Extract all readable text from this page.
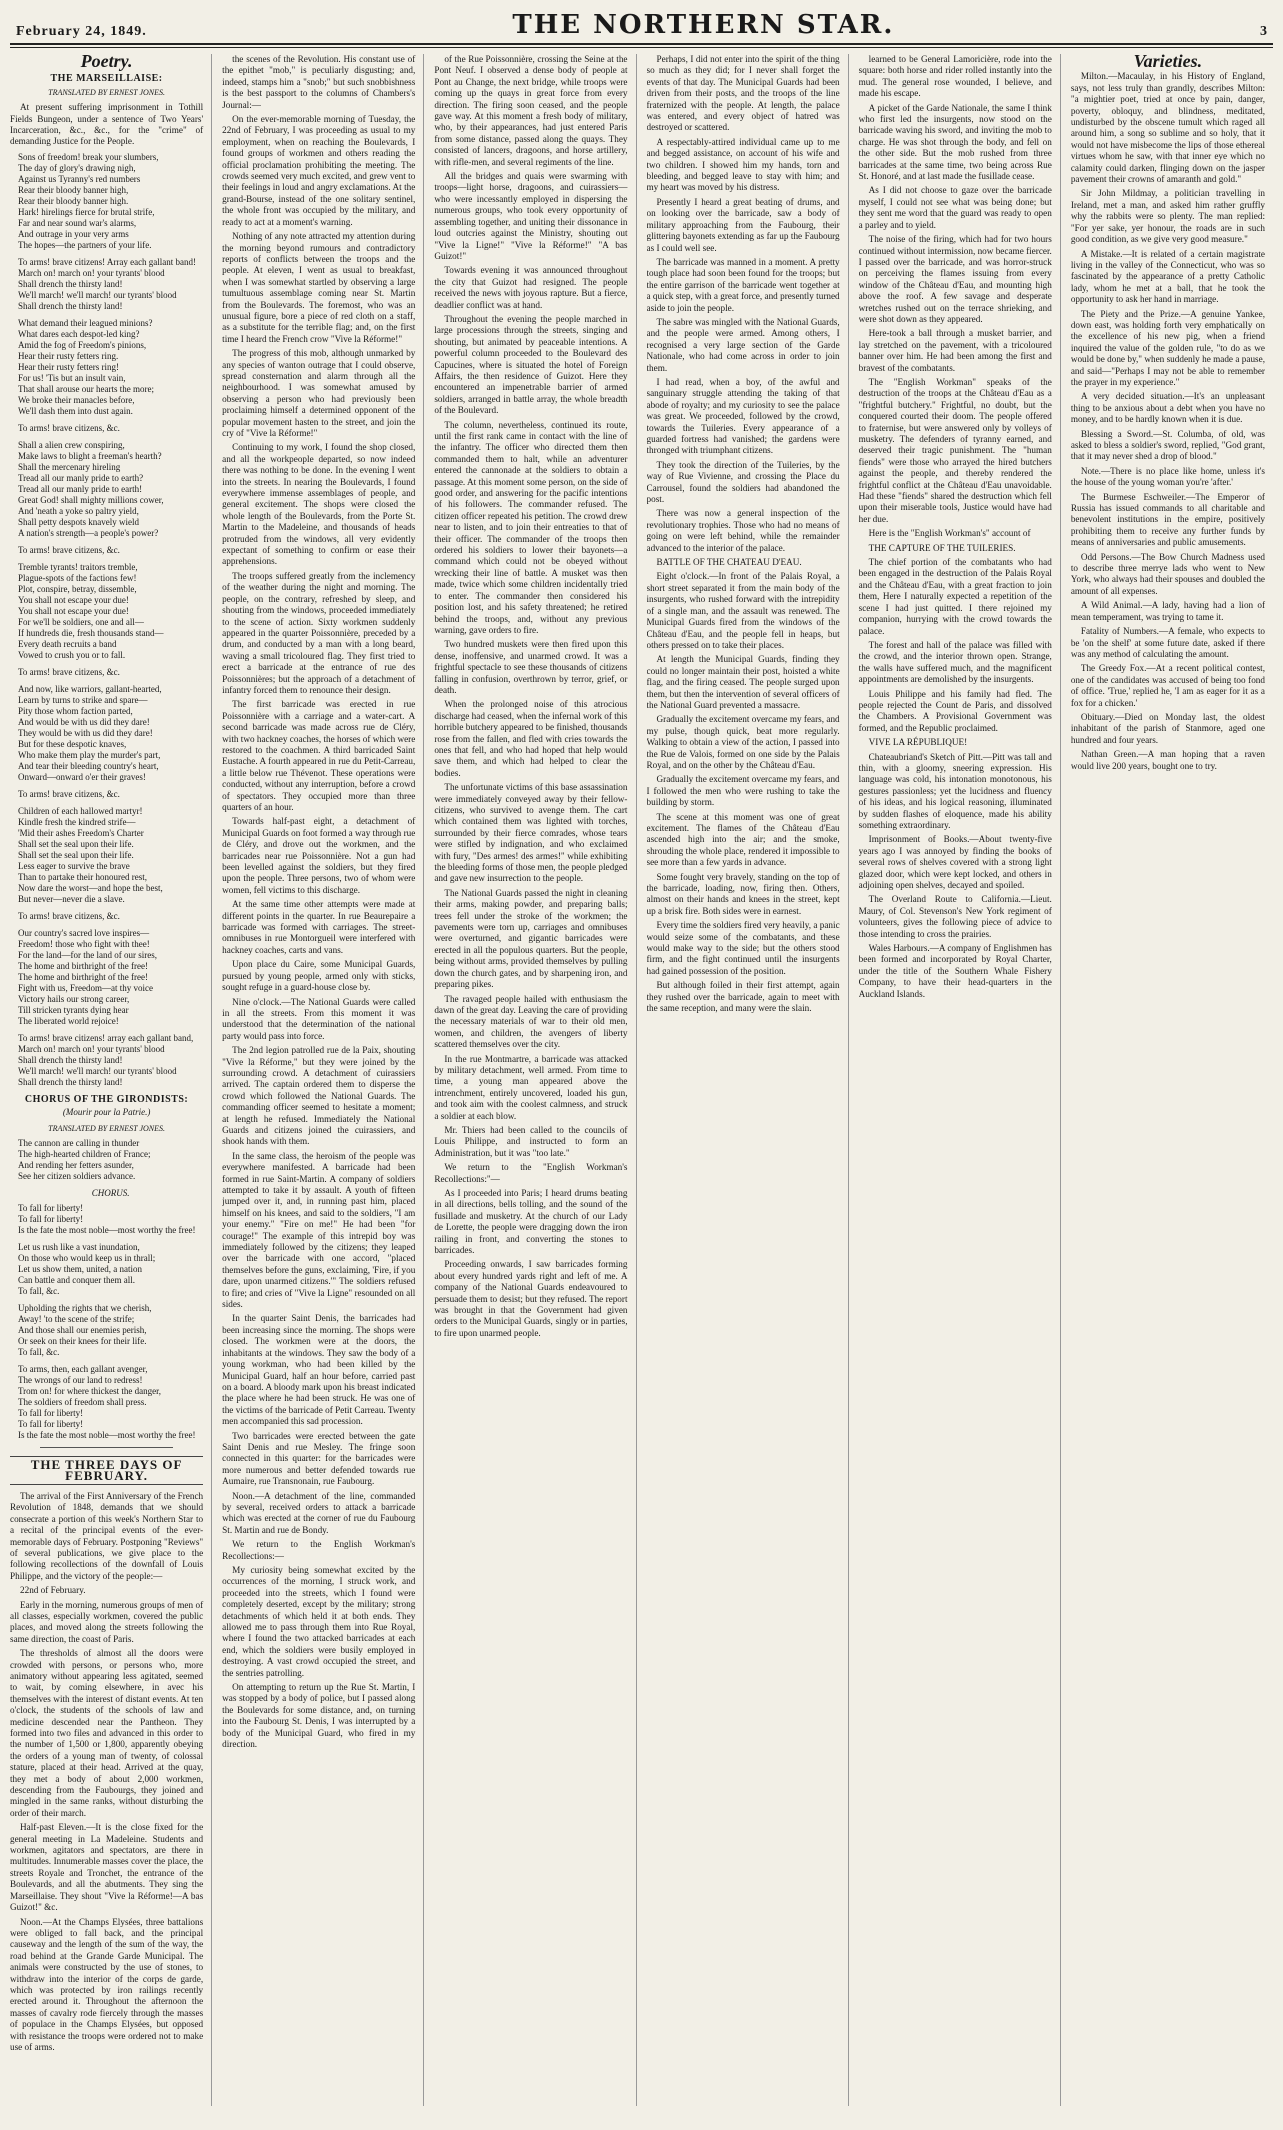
February 24, 1849.	THE NORTHERN STAR.	3
Poetry.
THE MARSEILLAISE:
TRANSLATED BY ERNEST JONES.

At present suffering imprisonment in Tothill Fields Bungeon, under a sentence of Two Years' Incarceration, &c., &c., for the "crime" of demanding Justice for the People.

Sons of freedom! break your slumbers,
The day of glory's drawing nigh,
Against us Tyranny's red numbers
Rear their bloody banner high,
Rear their bloody banner high.
Hark! hirelings fierce for brutal strife,
Far and near sound war's alarms,
And outrage in your very arms
The hopes—the partners of your life.
To arms! brave citizens! Array each gallant band!
March on! march on! your tyrants' blood
Shall drench the thirsty land!
We'll march! we'll march! our tyrants' blood
Shall drench the thirsty land!
What demand their leagued minions?
What dares each despot-led king?
Amid the fog of Freedom's pinions,
Hear their rusty fetters ring.
Hear their rusty fetters ring!
For us! 'Tis but an insult vain,
That shall arouse our hearts the more;
We broke their manacles before,
We'll dash them into dust again.
To arms! brave citizens, &c.
Shall a alien crew conspiring,
Make laws to blight a freeman's hearth?
Shall the mercenary hireling
Tread all our manly pride to earth?
Tread all our manly pride to earth!
Great God! shall mighty millions cower,
And 'neath a yoke so paltry yield,
Shall petty despots knavely wield
A nation's strength—a people's power?
To arms! brave citizens, &c.
Tremble tyrants! traitors tremble,
Plague-spots of the factions few!
Plot, conspire, betray, dissemble,
You shall not escape your due!
You shall not escape your due!
For we'll be soldiers, one and all—
If hundreds die, fresh thousands stand—
Every death recruits a band
Vowed to crush you or to fall.
To arms! brave citizens, &c.
And now, like warriors, gallant-hearted,
Learn by turns to strike and spare—
Pity those whom faction parted,
And would be with us did they dare!
They would be with us did they dare!
But for these despotic knaves,
Who make them play the murder's part,
And tear their bleeding country's heart,
Onward—onward o'er their graves!
To arms! brave citizens, &c.
Children of each hallowed martyr!
Kindle fresh the kindred strife—
'Mid their ashes Freedom's Charter
Shall set the seal upon their life.
Shall set the seal upon their life.
Less eager to survive the brave
Than to partake their honoured rest,
Now dare the worst—and hope the best,
But never—never die a slave.
To arms! brave citizens, &c.
Our country's sacred love inspires—
Freedom! those who fight with thee!
For the land—for the land of our sires,
The home and birthright of the free!
The home and birthright of the free!
Fight with us, Freedom—at thy voice
Victory hails our strong career,
Till stricken tyrants dying hear
The liberated world rejoice!
To arms! brave citizens! array each gallant band,
March on! march on! your tyrants' blood
Shall drench the thirsty land!
We'll march! we'll march! our tyrants' blood
Shall drench the thirsty land!
CHORUS OF THE GIRONDISTS:
(Mourir pour la Patrie.)
TRANSLATED BY ERNEST JONES.
The cannon are calling in thunder
The high-hearted children of France;
And rending her fetters asunder,
See her citizen soldiers advance.
CHORUS.
To fall for liberty!
To fall for liberty!
Is the fate the most noble—most worthy the free!
Let us rush like a vast inundation,
On those who would keep us in thrall;
Let us show them, united, a nation
Can battle and conquer them all.
To fall, &c.
Upholding the rights that we cherish,
Away! 'to the scene of the strife;
And those shall our enemies perish,
Or seek on their knees for their life.
To fall, &c.
To arms, then, each gallant avenger,
The wrongs of our land to redress!
Trom on! for where thickest the danger,
The soldiers of freedom shall press.
To fall for liberty!
To fall for liberty!
Is the fate the most noble—most worthy the free!
THE THREE DAYS OF FEBRUARY.

The arrival of the First Anniversary of the French Revolution of 1848, demands that we should consecrate a portion of this week's Northern Star to a recital of the principal events of the ever-memorable days of February. Postponing "Reviews" of several publications, we give place to the following recollections of the downfall of Louis Philippe, and the victory of the people:—

22nd of February.

Early in the morning, numerous groups of men of all classes, especially workmen, covered the public places, and moved along the streets following the same direction, the coast of Paris.

The thresholds of almost all the doors were crowded with persons, or persons who, more animatory without appearing less agitated, seemed to wait, by coming elsewhere, in avec his themselves with the interest of distant events. At ten o'clock, the students of the schools of law and medicine descended near the Pantheon. They formed into two files and advanced in this order to the number of 1,500 or 1,800, apparently obeying the orders of a young man of twenty, of colossal stature, placed at their head. Arrived at the quay, they met a body of about 2,000 workmen, descending from the Faubourgs, they joined and mingled in the same ranks, without disturbing the order of their march.

Half-past Eleven.—It is the close fixed for the general meeting in La Madeleine. Students and workmen, agitators and spectators, are there in multitudes. Innumerable masses cover the place, the streets Royale and Tronchet, the entrance of the Boulevards, and all the abutments. They sing the Marseillaise. They shout "Vive la Réforme!—A bas Guizot!" &c.

Noon.—At the Champs Elysées, three battalions were obliged to fall back, and the principal causeway and the length of the sum of the way, the road behind at the Grande Garde Municipal. The animals were constructed by the use of stones, to withdraw into the interior of the corps de garde, which was protected by iron railings recently erected around it. Throughout the afternoon the masses of cavalry rode fiercely through the masses of populace in the Champs Elysées, but opposed with resistance the troops were ordered not to make use of arms.

the scenes of the Revolution. His constant use of the epithet "mob," is peculiarly disgusting; and, indeed, stamps him a "snob;" but such snobbishness is the best passport to the columns of Chambers's Journal:—

On the ever-memorable morning of Tuesday, the 22nd of February, I was proceeding as usual to my employment, when on reaching the Boulevards, I found groups of workmen and others reading the official proclamation prohibiting the meeting. The crowds seemed very much excited, and grew vent to their feelings in loud and angry exclamations. At the grand-Bourse, instead of the one solitary sentinel, the whole front was occupied by the military, and ready to act at a moment's warning.

Nothing of any note attracted my attention during the morning beyond rumours and contradictory reports of conflicts between the troops and the people. At eleven, I went as usual to breakfast, when I was somewhat startled by observing a large tumultuous assemblage coming near St. Martin from the Boulevards. The foremost, who was an unusual figure, bore a piece of red cloth on a staff, as a substitute for the terrible flag; and, on the first time I heard the French crow "Vive la Réforme!"

The progress of this mob, although unmarked by any species of wanton outrage that I could observe, spread consternation and alarm through all the neighbourhood. I was somewhat amused by observing a person who had previously been proclaiming himself a determined opponent of the popular movement hasten to the street, and join the cry of "Vive la Réforme!"

Continuing to my work, I found the shop closed, and all the workpeople departed, so now indeed there was nothing to be done. In the evening I went into the streets. In nearing the Boulevards, I found everywhere immense assemblages of people, and general excitement. The shops were closed the whole length of the Boulevards, from the Porte St. Martin to the Madeleine, and thousands of heads protruded from the windows, all very evidently expectant of something to confirm or ease their apprehensions.

The troops suffered greatly from the inclemency of the weather during the night and morning. The people, on the contrary, refreshed by sleep, and shouting from the windows, proceeded immediately to the scene of action. Sixty workmen suddenly appeared in the quarter Poissonnière, preceded by a drum, and conducted by a man with a long beard, waving a small tricoloured flag. They first tried to erect a barricade at the entrance of rue des Poissonnières; but the approach of a detachment of infantry forced them to renounce their design.

The first barricade was erected in rue Poissonnière with a carriage and a water-cart. A second barricade was made across rue de Cléry, with two hackney coaches, the horses of which were restored to the coachmen. A third barricaded Saint Eustache. A fourth appeared in rue du Petit-Carreau, a little below rue Thévenot. These operations were conducted, without any interruption, before a crowd of spectators. They occupied more than three quarters of an hour.

Towards half-past eight, a detachment of Municipal Guards on foot formed a way through rue de Cléry, and drove out the workmen, and the barricades near rue Poissonnière. Not a gun had been levelled against the soldiers, but they fired upon the people. Three persons, two of whom were women, fell victims to this discharge.

At the same time other attempts were made at different points in the quarter. In rue Beaurepaire a barricade was formed with carriages. The street-omnibuses in rue Montorgueil were interfered with hackney coaches, carts and vans.

Upon place du Caire, some Municipal Guards, pursued by young people, armed only with sticks, sought refuge in a guard-house close by.

Nine o'clock.—The National Guards were called in all the streets. From this moment it was understood that the determination of the national party would pass into force.

The 2nd legion patrolled rue de la Paix, shouting "Vive la Réforme," but they were joined by the surrounding crowd. A detachment of cuirassiers arrived. The captain ordered them to disperse the crowd which followed the National Guards. The commanding officer seemed to hesitate a moment; at length he refused. Immediately the National Guards and citizens joined the cuirassiers, and shook hands with them.

In the same class, the heroism of the people was everywhere manifested. A barricade had been formed in rue Saint-Martin. A company of soldiers attempted to take it by assault. A youth of fifteen jumped over it, and, in running past him, placed himself on his knees, and said to the soldiers, "I am your enemy." "Fire on me!" He had been "for courage!" The example of this intrepid boy was immediately followed by the citizens; they leaped over the barricade with one accord, "placed themselves before the guns, exclaiming, 'Fire, if you dare, upon unarmed citizens.'" The soldiers refused to fire; and cries of "Vive la Ligne" resounded on all sides.

In the quarter Saint Denis, the barricades had been increasing since the morning. The shops were closed. The workmen were at the doors, the inhabitants at the windows. They saw the body of a young workman, who had been killed by the Municipal Guard, half an hour before, carried past on a board. A bloody mark upon his breast indicated the place where he had been struck. He was one of the victims of the barricade of Petit Carreau. Twenty men accompanied this sad procession.

Two barricades were erected between the gate Saint Denis and rue Mesley. The fringe soon connected in this quarter: for the barricades were more numerous and better defended towards rue Aumaire, rue Transnonain, rue Faubourg.

Noon.—A detachment of the line, commanded by several, received orders to attack a barricade which was erected at the corner of rue du Faubourg St. Martin and rue de Bondy.

We return to the English Workman's Recollections:—

My curiosity being somewhat excited by the occurrences of the morning, I struck work, and proceeded into the streets, which I found were completely deserted, except by the military; strong detachments of which held it at both ends. They allowed me to pass through them into Rue Royal, where I found the two attacked barricades at each end, which the soldiers were busily employed in destroying. A vast crowd occupied the street, and the sentries patrolling.

On attempting to return up the Rue St. Martin, I was stopped by a body of police, but I passed along the Boulevards for some distance, and, on turning into the Faubourg St. Denis, I was interrupted by a body of the Municipal Guard, who fired in my direction.

of the Rue Poissonnière, crossing the Seine at the Pont Neuf. I observed a dense body of people at Pont au Change, the next bridge, while troops were coming up the quays in great force from every direction. The firing soon ceased, and the people gave way. At this moment a fresh body of military, who, by their appearances, had just entered Paris from some distance, passed along the quays. They consisted of lancers, dragoons, and horse artillery, with rifle-men, and several regiments of the line.

All the bridges and quais were swarming with troops—light horse, dragoons, and cuirassiers—who were incessantly employed in dispersing the numerous groups, who took every opportunity of assembling together, and uniting their dissonance in loud outcries against the Ministry, shouting out "Vive la Ligne!" "Vive la Réforme!" "A bas Guizot!"

Towards evening it was announced throughout the city that Guizot had resigned. The people received the news with joyous rapture. But a fierce, deadlier conflict was at hand.

Throughout the evening the people marched in large processions through the streets, singing and shouting, but animated by peaceable intentions. A powerful column proceeded to the Boulevard des Capucines, where is situated the hotel of Foreign Affairs, the then residence of Guizot. Here they encountered an impenetrable barrier of armed soldiers, arranged in battle array, the whole breadth of the Boulevard.

The column, nevertheless, continued its route, until the first rank came in contact with the line of the infantry. The officer who directed them then commanded them to halt, while an adventurer entered the cannonade at the soldiers to obtain a passage. At this moment some person, on the side of good order, and answering for the pacific intentions of his followers. The commander refused. The citizen officer repeated his petition. The crowd drew near to listen, and to join their entreaties to that of their officer. The commander of the troops then ordered his soldiers to lower their bayonets—a command which could not be obeyed without wrecking their line of battle. A musket was then made, twice which some children incidentally tried to enter. The commander then considered his position lost, and his safety threatened; he retired behind the troops, and, without any previous warning, gave orders to fire.

Two hundred muskets were then fired upon this dense, inoffensive, and unarmed crowd. It was a frightful spectacle to see these thousands of citizens falling in confusion, overthrown by terror, grief, or death.

When the prolonged noise of this atrocious discharge had ceased, when the infernal work of this horrible butchery appeared to be finished, thousands rose from the fallen, and fled with cries towards the ones that fell, and who had hoped that help would save them, and which had helped to clear the bodies.

The unfortunate victims of this base assassination were immediately conveyed away by their fellow-citizens, who survived to avenge them. The cart which contained them was lighted with torches, surrounded by their fierce comrades, whose tears were stifled by indignation, and who exclaimed with fury, "Des armes! des armes!" while exhibiting the bleeding forms of those men, the people pledged and gave new insurrection to the people.

The National Guards passed the night in cleaning their arms, making powder, and preparing balls; trees fell under the stroke of the workmen; the pavements were torn up, carriages and omnibuses were overturned, and gigantic barricades were erected in all the populous quarters. But the people, being without arms, provided themselves by pulling down the church gates, and by sharpening iron, and preparing pikes.

The ravaged people hailed with enthusiasm the dawn of the great day. Leaving the care of providing the necessary materials of war to their old men, women, and children, the avengers of liberty scattered themselves over the city.

In the rue Montmartre, a barricade was attacked by military detachment, well armed. From time to time, a young man appeared above the intrenchment, entirely uncovered, loaded his gun, and took aim with the coolest calmness, and struck a soldier at each blow.

Mr. Thiers had been called to the councils of Louis Philippe, and instructed to form an Administration, but it was "too late."

We return to the "English Workman's Recollections:"—

As I proceeded into Paris; I heard drums beating in all directions, bells tolling, and the sound of the fusillade and musketry. At the church of our Lady de Lorette, the people were dragging down the iron railing in front, and converting the stones to barricades.

Proceeding onwards, I saw barricades forming about every hundred yards right and left of me. A company of the National Guards endeavoured to persuade them to desist; but they refused. The report was brought in that the Government had given orders to the Municipal Guards, singly or in parties, to fire upon unarmed people.

Perhaps, I did not enter into the spirit of the thing so much as they did; for I never shall forget the events of that day. The Municipal Guards had been driven from their posts, and the troops of the line fraternized with the people. At length, the palace was entered, and every object of hatred was destroyed or scattered.

A respectably-attired individual came up to me and begged assistance, on account of his wife and two children. I showed him my hands, torn and bleeding, and begged leave to stay with him; and my heart was moved by his distress.

Presently I heard a great beating of drums, and on looking over the barricade, saw a body of military approaching from the Faubourg, their glittering bayonets extending as far up the Faubourg as I could well see.

The barricade was manned in a moment. A pretty tough place had soon been found for the troops; but the entire garrison of the barricade went together at a quick step, with a great force, and presently turned aside to join the people.

The sabre was mingled with the National Guards, and the people were armed. Among others, I recognised a very large section of the Garde Nationale, who had come across in order to join them.

I had read, when a boy, of the awful and sanguinary struggle attending the taking of that abode of royalty; and my curiosity to see the palace was great. We proceeded, followed by the crowd, towards the Tuileries. Every appearance of a guarded fortress had vanished; the gardens were thronged with triumphant citizens.

They took the direction of the Tuileries, by the way of Rue Vivienne, and crossing the Place du Carrousel, found the soldiers had abandoned the post.

There was now a general inspection of the revolutionary trophies. Those who had no means of going on were left behind, while the remainder advanced to the interior of the palace.

BATTLE OF THE CHATEAU D'EAU.

Eight o'clock.—In front of the Palais Royal, a short street separated it from the main body of the insurgents, who rushed forward with the intrepidity of a single man, and the assault was renewed. The Municipal Guards fired from the windows of the Château d'Eau, and the people fell in heaps, but others pressed on to take their places.

At length the Municipal Guards, finding they could no longer maintain their post, hoisted a white flag, and the firing ceased. The people surged upon them, but then the intervention of several officers of the National Guard prevented a massacre.

Gradually the excitement overcame my fears, and my pulse, though quick, beat more regularly. Walking to obtain a view of the action, I passed into the Rue de Valois, formed on one side by the Palais Royal, and on the other by the Château d'Eau.

Gradually the excitement overcame my fears, and I followed the men who were rushing to take the building by storm.

The scene at this moment was one of great excitement. The flames of the Château d'Eau ascended high into the air; and the smoke, shrouding the whole place, rendered it impossible to see more than a few yards in advance.

Some fought very bravely, standing on the top of the barricade, loading, now, firing then. Others, almost on their hands and knees in the street, kept up a brisk fire. Both sides were in earnest.

Every time the soldiers fired very heavily, a panic would seize some of the combatants, and these would make way to the side; but the others stood firm, and the fight continued until the insurgents had gained possession of the position.

But although foiled in their first attempt, again they rushed over the barricade, again to meet with the same reception, and many were the slain.

learned to be General Lamoricière, rode into the square: both horse and rider rolled instantly into the mud. The general rose wounded, I believe, and made his escape.

A picket of the Garde Nationale, the same I think who first led the insurgents, now stood on the barricade waving his sword, and inviting the mob to charge. He was shot through the body, and fell on the other side. But the mob rushed from three barricades at the same time, two being across Rue St. Honoré, and at last made the fusillade cease.

As I did not choose to gaze over the barricade myself, I could not see what was being done; but they sent me word that the guard was ready to open a parley and to yield.

The noise of the firing, which had for two hours continued without intermission, now became fiercer. I passed over the barricade, and was horror-struck on perceiving the flames issuing from every window of the Château d'Eau, and mounting high above the roof. A few savage and desperate wretches rushed out on the terrace shrieking, and were shot down as they appeared.

Here-took a ball through a musket barrier, and lay stretched on the pavement, with a tricoloured banner over him. He had been among the first and bravest of the combatants.

The "English Workman" speaks of the destruction of the troops at the Château d'Eau as a "frightful butchery." Frightful, no doubt, but the conquered courted their doom. The people offered to fraternise, but were answered only by volleys of musketry. The defenders of tyranny earned, and deserved their tragic punishment. The "human fiends" were those who arrayed the hired butchers against the people, and thereby rendered the frightful conflict at the Château d'Eau unavoidable. Had these "fiends" shared the destruction which fell upon their miserable tools, Justice would have had her due.

Here is the "English Workman's" account of

THE CAPTURE OF THE TUILERIES.

The chief portion of the combatants who had been engaged in the destruction of the Palais Royal and the Château d'Eau, with a great fraction to join them, Here I naturally expected a repetition of the scene I had just quitted. I there rejoined my companion, hurrying with the crowd towards the palace.

The forest and hall of the palace was filled with the crowd, and the interior thrown open. Strange, the walls have suffered much, and the magnificent appointments are demolished by the insurgents.

Louis Philippe and his family had fled. The people rejected the Count de Paris, and dissolved the Chambers. A Provisional Government was formed, and the Republic proclaimed.

VIVE LA RÉPUBLIQUE!

Chateaubriand's Sketch of Pitt.—Pitt was tall and thin, with a gloomy, sneering expression. His language was cold, his intonation monotonous, his gestures passionless; yet the lucidness and fluency of his ideas, and his logical reasoning, illuminated by sudden flashes of eloquence, made his ability something extraordinary.

Imprisonment of Books.—About twenty-five years ago I was annoyed by finding the books of several rows of shelves covered with a strong light glazed door, which were kept locked, and others in adjoining open shelves, decayed and spoiled.

The Overland Route to California.—Lieut. Maury, of Col. Stevenson's New York regiment of volunteers, gives the following piece of advice to those intending to cross the prairies.

Wales Harbours.—A company of Englishmen has been formed and incorporated by Royal Charter, under the title of the Southern Whale Fishery Company, to have their head-quarters in the Auckland Islands.

Varieties.

Milton.—Macaulay, in his History of England, says, not less truly than grandly, describes Milton: "a mightier poet, tried at once by pain, danger, poverty, obloquy, and blindness, meditated, undisturbed by the obscene tumult which raged all around him, a song so sublime and so holy, that it would not have misbecome the lips of those ethereal virtues whom he saw, with that inner eye which no calamity could darken, flinging down on the jasper pavement their crowns of amaranth and gold."

Sir John Mildmay, a politician travelling in Ireland, met a man, and asked him rather gruffly why the rabbits were so plenty. The man replied: "For yer sake, yer honour, the roads are in such good condition, as we give very good measure."

A Mistake.—It is related of a certain magistrate living in the valley of the Connecticut, who was so fascinated by the appearance of a pretty Catholic lady, whom he met at a ball, that he took the opportunity to ask her hand in marriage.

The Piety and the Prize.—A genuine Yankee, down east, was holding forth very emphatically on the excellence of his new pig, when a friend inquired the value of the golden rule, "to do as we would be done by," when suddenly he made a pause, and said—"Perhaps I may not be able to remember the prayer in my experience."

A very decided situation.—It's an unpleasant thing to be anxious about a debt when you have no money, and to be hardly known when it is due.

Blessing a Sword.—St. Columba, of old, was asked to bless a soldier's sword, replied, "God grant, that it may never shed a drop of blood."

Note.—There is no place like home, unless it's the house of the young woman you're 'after.'

The Burmese Eschweiler.—The Emperor of Russia has issued commands to all charitable and benevolent institutions in the empire, positively prohibiting them to receive any further funds by means of anniversaries and public amusements.

Odd Persons.—The Bow Church Madness used to describe three merrye lads who went to New York, who always had their spouses and doubled the amount of all expenses.

A Wild Animal.—A lady, having had a lion of mean temperament, was trying to tame it.

Fatality of Numbers.—A female, who expects to be 'on the shelf' at some future date, asked if there was any method of calculating the amount.

The Greedy Fox.—At a recent political contest, one of the candidates was accused of being too fond of office. 'True,' replied he, 'I am as eager for it as a fox for a chicken.'

Obituary.—Died on Monday last, the oldest inhabitant of the parish of Stanmore, aged one hundred and four years.

Nathan Green.—A man hoping that a raven would live 200 years, bought one to try.
